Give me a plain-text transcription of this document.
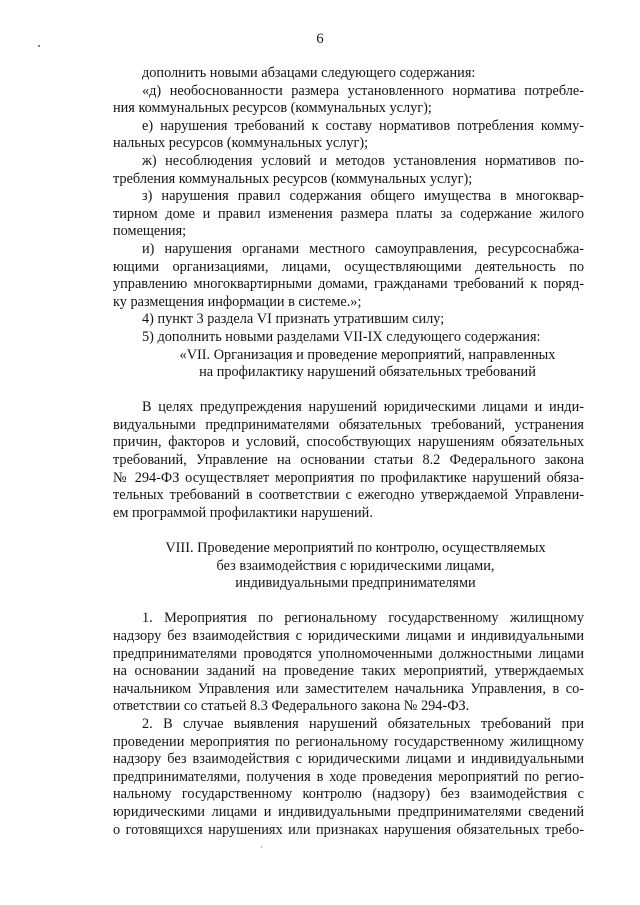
6
дополнить новыми абзацами следующего содержания:
«д) необоснованности размера установленного норматива потребле-
ния коммунальных ресурсов (коммунальных услуг);
е) нарушения требований к составу нормативов потребления комму-
нальных ресурсов (коммунальных услуг);
ж) несоблюдения условий и методов установления нормативов по-
требления коммунальных ресурсов (коммунальных услуг);
з) нарушения правил содержания общего имущества в многоквар-
тирном доме и правил изменения размера платы за содержание жилого
помещения;
и) нарушения органами местного самоуправления, ресурсоснабжа-
ющими организациями, лицами, осуществляющими деятельность по
управлению многоквартирными домами, гражданами требований к поряд-
ку размещения информации в системе.»;
4) пункт 3 раздела VI признать утратившим силу;
5) дополнить новыми разделами VII-IX следующего содержания:
«VII. Организация и проведение мероприятий, направленных
на профилактику нарушений обязательных требований
В целях предупреждения нарушений юридическими лицами и инди-
видуальными предпринимателями обязательных требований, устранения
причин, факторов и условий, способствующих нарушениям обязательных
требований, Управление на основании статьи 8.2 Федерального закона
№ 294-ФЗ осуществляет мероприятия по профилактике нарушений обяза-
тельных требований в соответствии с ежегодно утверждаемой Управлени-
ем программой профилактики нарушений.
VIII. Проведение мероприятий по контролю, осуществляемых
без взаимодействия с юридическими лицами,
индивидуальными предпринимателями
1. Мероприятия по региональному государственному жилищному
надзору без взаимодействия с юридическими лицами и индивидуальными
предпринимателями проводятся уполномоченными должностными лицами
на основании заданий на проведение таких мероприятий, утверждаемых
начальником Управления или заместителем начальника Управления, в со-
ответствии со статьей 8.3 Федерального закона № 294-ФЗ.
2. В случае выявления нарушений обязательных требований при
проведении мероприятия по региональному государственному жилищному
надзору без взаимодействия с юридическими лицами и индивидуальными
предпринимателями, получения в ходе проведения мероприятий по регио-
нальному государственному контролю (надзору) без взаимодействия с
юридическими лицами и индивидуальными предпринимателями сведений
о готовящихся нарушениях или признаках нарушения обязательных требо-
